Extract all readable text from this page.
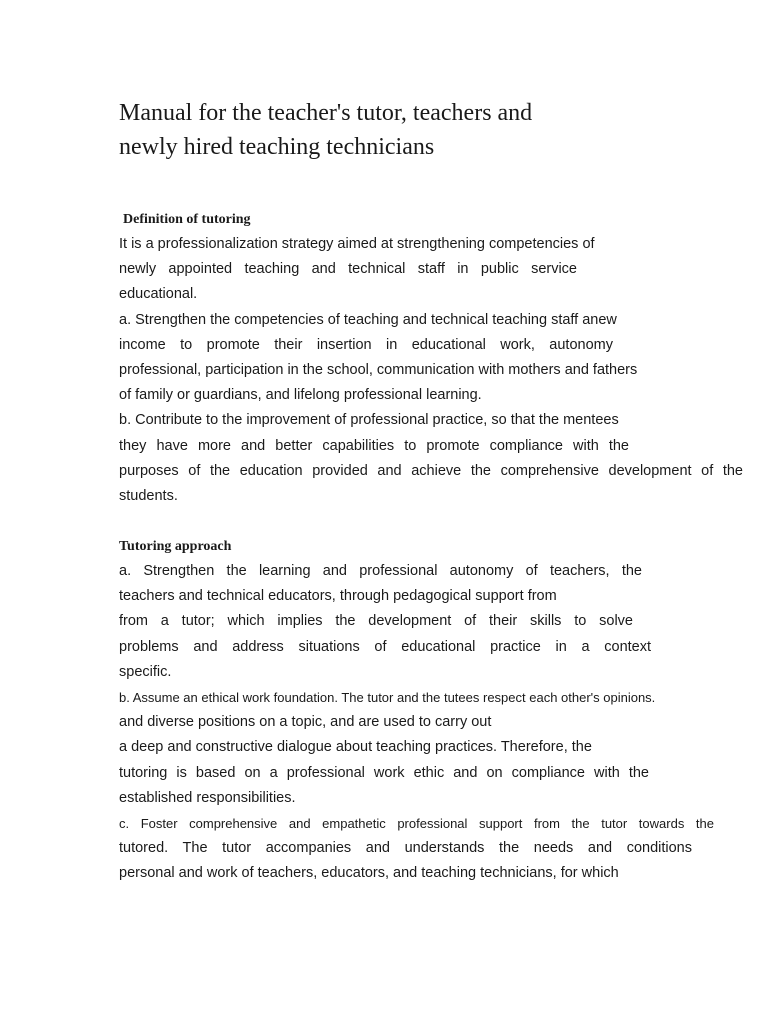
Manual for the teacher's tutor, teachers and
newly hired teaching technicians
Definition of tutoring
It is a professionalization strategy aimed at strengthening competencies of
newly appointed teaching and technical staff in public service
educational.
a. Strengthen the competencies of teaching and technical teaching staff anew
income to promote their insertion in educational work, autonomy
professional, participation in the school, communication with mothers and fathers
of family or guardians, and lifelong professional learning.
b. Contribute to the improvement of professional practice, so that the mentees
they have more and better capabilities to promote compliance with the
purposes of the education provided and achieve the comprehensive development of the
students.
Tutoring approach
a. Strengthen the learning and professional autonomy of teachers, the
teachers and technical educators, through pedagogical support from
from a tutor; which implies the development of their skills to solve
problems and address situations of educational practice in a context
specific.
b. Assume an ethical work foundation. The tutor and the tutees respect each other's opinions.
and diverse positions on a topic, and are used to carry out
a deep and constructive dialogue about teaching practices. Therefore, the
tutoring is based on a professional work ethic and on compliance with the
established responsibilities.
c. Foster comprehensive and empathetic professional support from the tutor towards the
tutored. The tutor accompanies and understands the needs and conditions
personal and work of teachers, educators, and teaching technicians, for which
